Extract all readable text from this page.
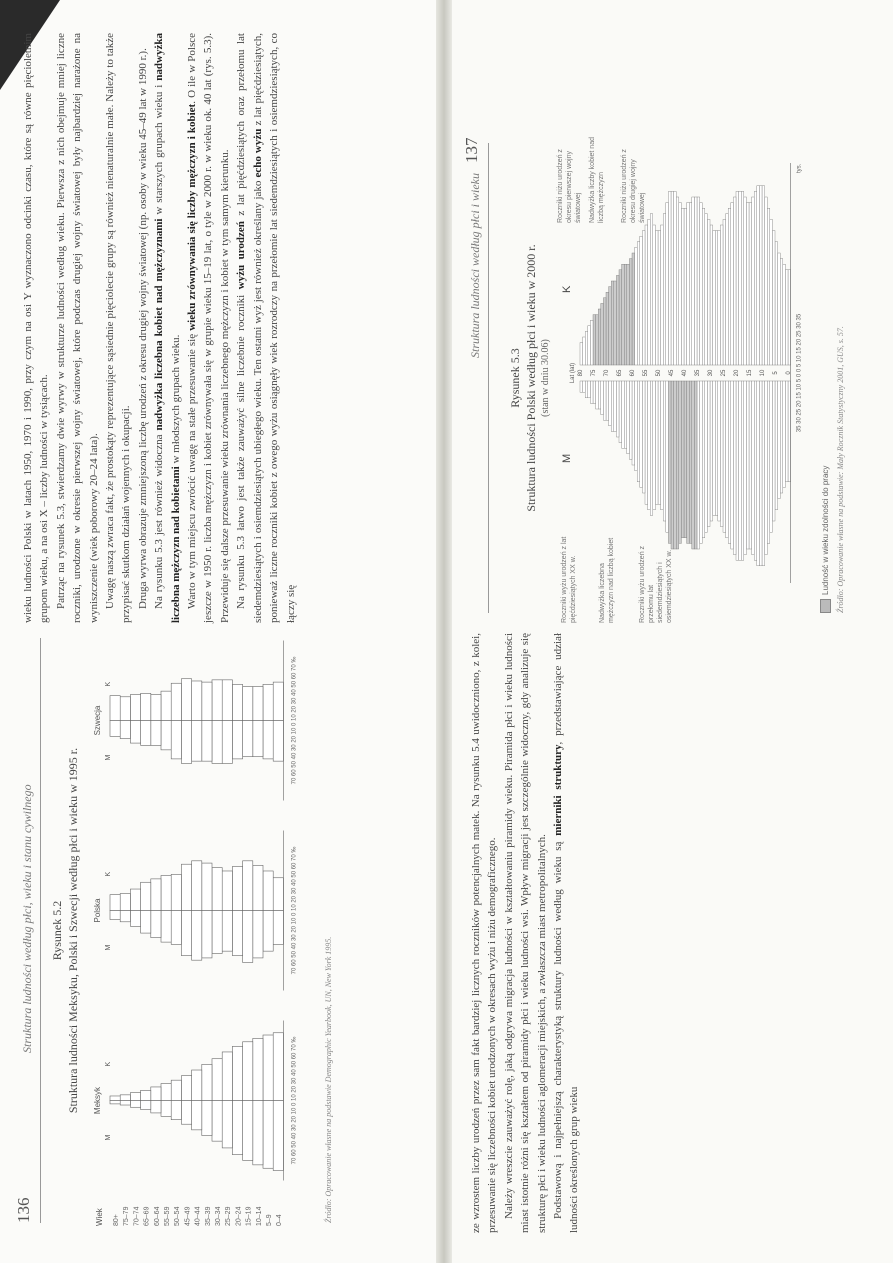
136
Struktura ludności według płci, wieku i stanu cywilnego Rysunek 5.2 Struktura ludności Meksyku, Polski i Szwecji według płci i wieku w 1995 r.
Wiek	0–4
5–9
10–14
15–19
20–24
25–29
30–34
35–39
40–44
45–49
50–54
55–59
60–64
65–69
70–74
75–79
80+
Meksyk
M
K	70 60 50 40 30 20 10 0 10 20 30 40 50 60 70 ‰
Polska
M
K	70 60 50 40 30 20 10 0 10 20 30 40 50 60 70 ‰
Szwecja
M
K	70 60 50 40 30 20 10 0 10 20 30 40 50 60 70 ‰
Źródło: Opracowanie własne na podstawie Demographic Yearbook, UN, New York 1995.

wieku ludności Polski w latach 1950, 1970 i 1990, przy czym na osi Y wyznaczono odcinki czasu, które są równe pięcioletnim grupom wieku, a na osi X – liczby ludności w tysiącach. Patrząc na rysunek 5.3, stwierdzamy dwie wyrwy w strukturze ludności według wieku. Pierwsza z nich obejmuje mniej liczne roczniki, urodzone w okresie pierwszej wojny światowej, które podczas drugiej wojny światowej były najbardziej narażone na wyniszczenie (wiek poborowy 20–24 lata). Uwagę naszą zwraca fakt, że prostokąty reprezentujące sąsiednie pięciolecie grupy są również nienaturalnie małe. Należy to także przypisać skutkom działań wojennych i okupacji. Druga wyrwa obrazuje zmniejszoną liczbę urodzeń z okresu drugiej wojny światowej (np. osoby w wieku 45–49 lat w 1990 r.). Na rysunku 5.3 jest również widoczna nadwyżka liczebna kobiet nad mężczyznami w starszych grupach wieku i nadwyżka liczebna mężczyzn nad kobietami w młodszych grupach wieku. Warto w tym miejscu zwrócić uwagę na stałe przesuwanie się wieku zrównywania się liczby mężczyzn i kobiet. O ile w Polsce jeszcze w 1950 r. liczba mężczyzn i kobiet zrównywała się w grupie wieku 15–19 lat, o tyle w 2000 r. w wieku ok. 40 lat (rys. 5.3). Przewiduje się dalsze przesuwanie wieku zrównania liczebnego mężczyzn i kobiet w tym samym kierunku. Na rysunku 5.3 łatwo jest także zauważyć silne liczebnie roczniki wyżu urodzeń z lat pięćdziesiątych oraz przełomu lat siedemdziesiątych i osiemdziesiątych ubiegłego wieku. Ten ostatni wyż jest również określany jako echo wyżu z lat pięćdziesiątych, ponieważ liczne roczniki kobiet z owego wyżu osiągnęły wiek rozrodczy na przełomie lat siedemdziesiątych i osiemdziesiątych, co łączy się

137
Struktura ludności według płci i wieku
Rysunek 5.3 Struktura ludności Polski według płci i wieku w 2000 r. (stan w dniu 30.06)
M
K
Lat (lat)	0
5
10
15
20
25
30
35
40
45
50
55
60
65
70
75
80	35 30 25 20 15 10 5 0 0 5 10 15 20 25 30 35
tys.
Roczniki wyżu urodzeń z lat pięćdziesiątych XX w.	Nadwyżka liczebna mężczyzn nad liczbą kobiet	Roczniki wyżu urodzeń z przełomu lat siedemdziesiątych i osiemdziesiątych XX w.
Roczniki niżu urodzeń z okresu pierwszej wojny światowej Nadwyżka liczby kobiet nad liczbą mężczyzn Roczniki niżu urodzeń z okresu drugiej wojny światowej
Ludność w wieku zdolności do pracy Źródło: Opracowanie własne na podstawie: Mały Rocznik Statystyczny 2001, GUS, s. 57.

ze wzrostem liczby urodzeń przez sam fakt bardziej licznych roczników potencjalnych matek. Na rysunku 5.4 uwidoczniono, z kolei, przesuwanie się liczebności kobiet urodzonych w okresach wyżu i niżu demograficznego. Należy wreszcie zauważyć rolę, jaką odgrywa migracja ludności w kształtowaniu piramidy wieku. Piramida płci i wieku ludności miast istotnie różni się kształtem od piramidy płci i wieku ludności wsi. Wpływ migracji jest szczególnie widoczny, gdy analizuje się strukturę płci i wieku ludności aglomeracji miejskich, a zwłaszcza miast metropolitalnych. Podstawową i najpełniejszą charakterystyką struktury ludności według wieku są mierniki struktury, przedstawiające udział ludności określonych grup wieku
